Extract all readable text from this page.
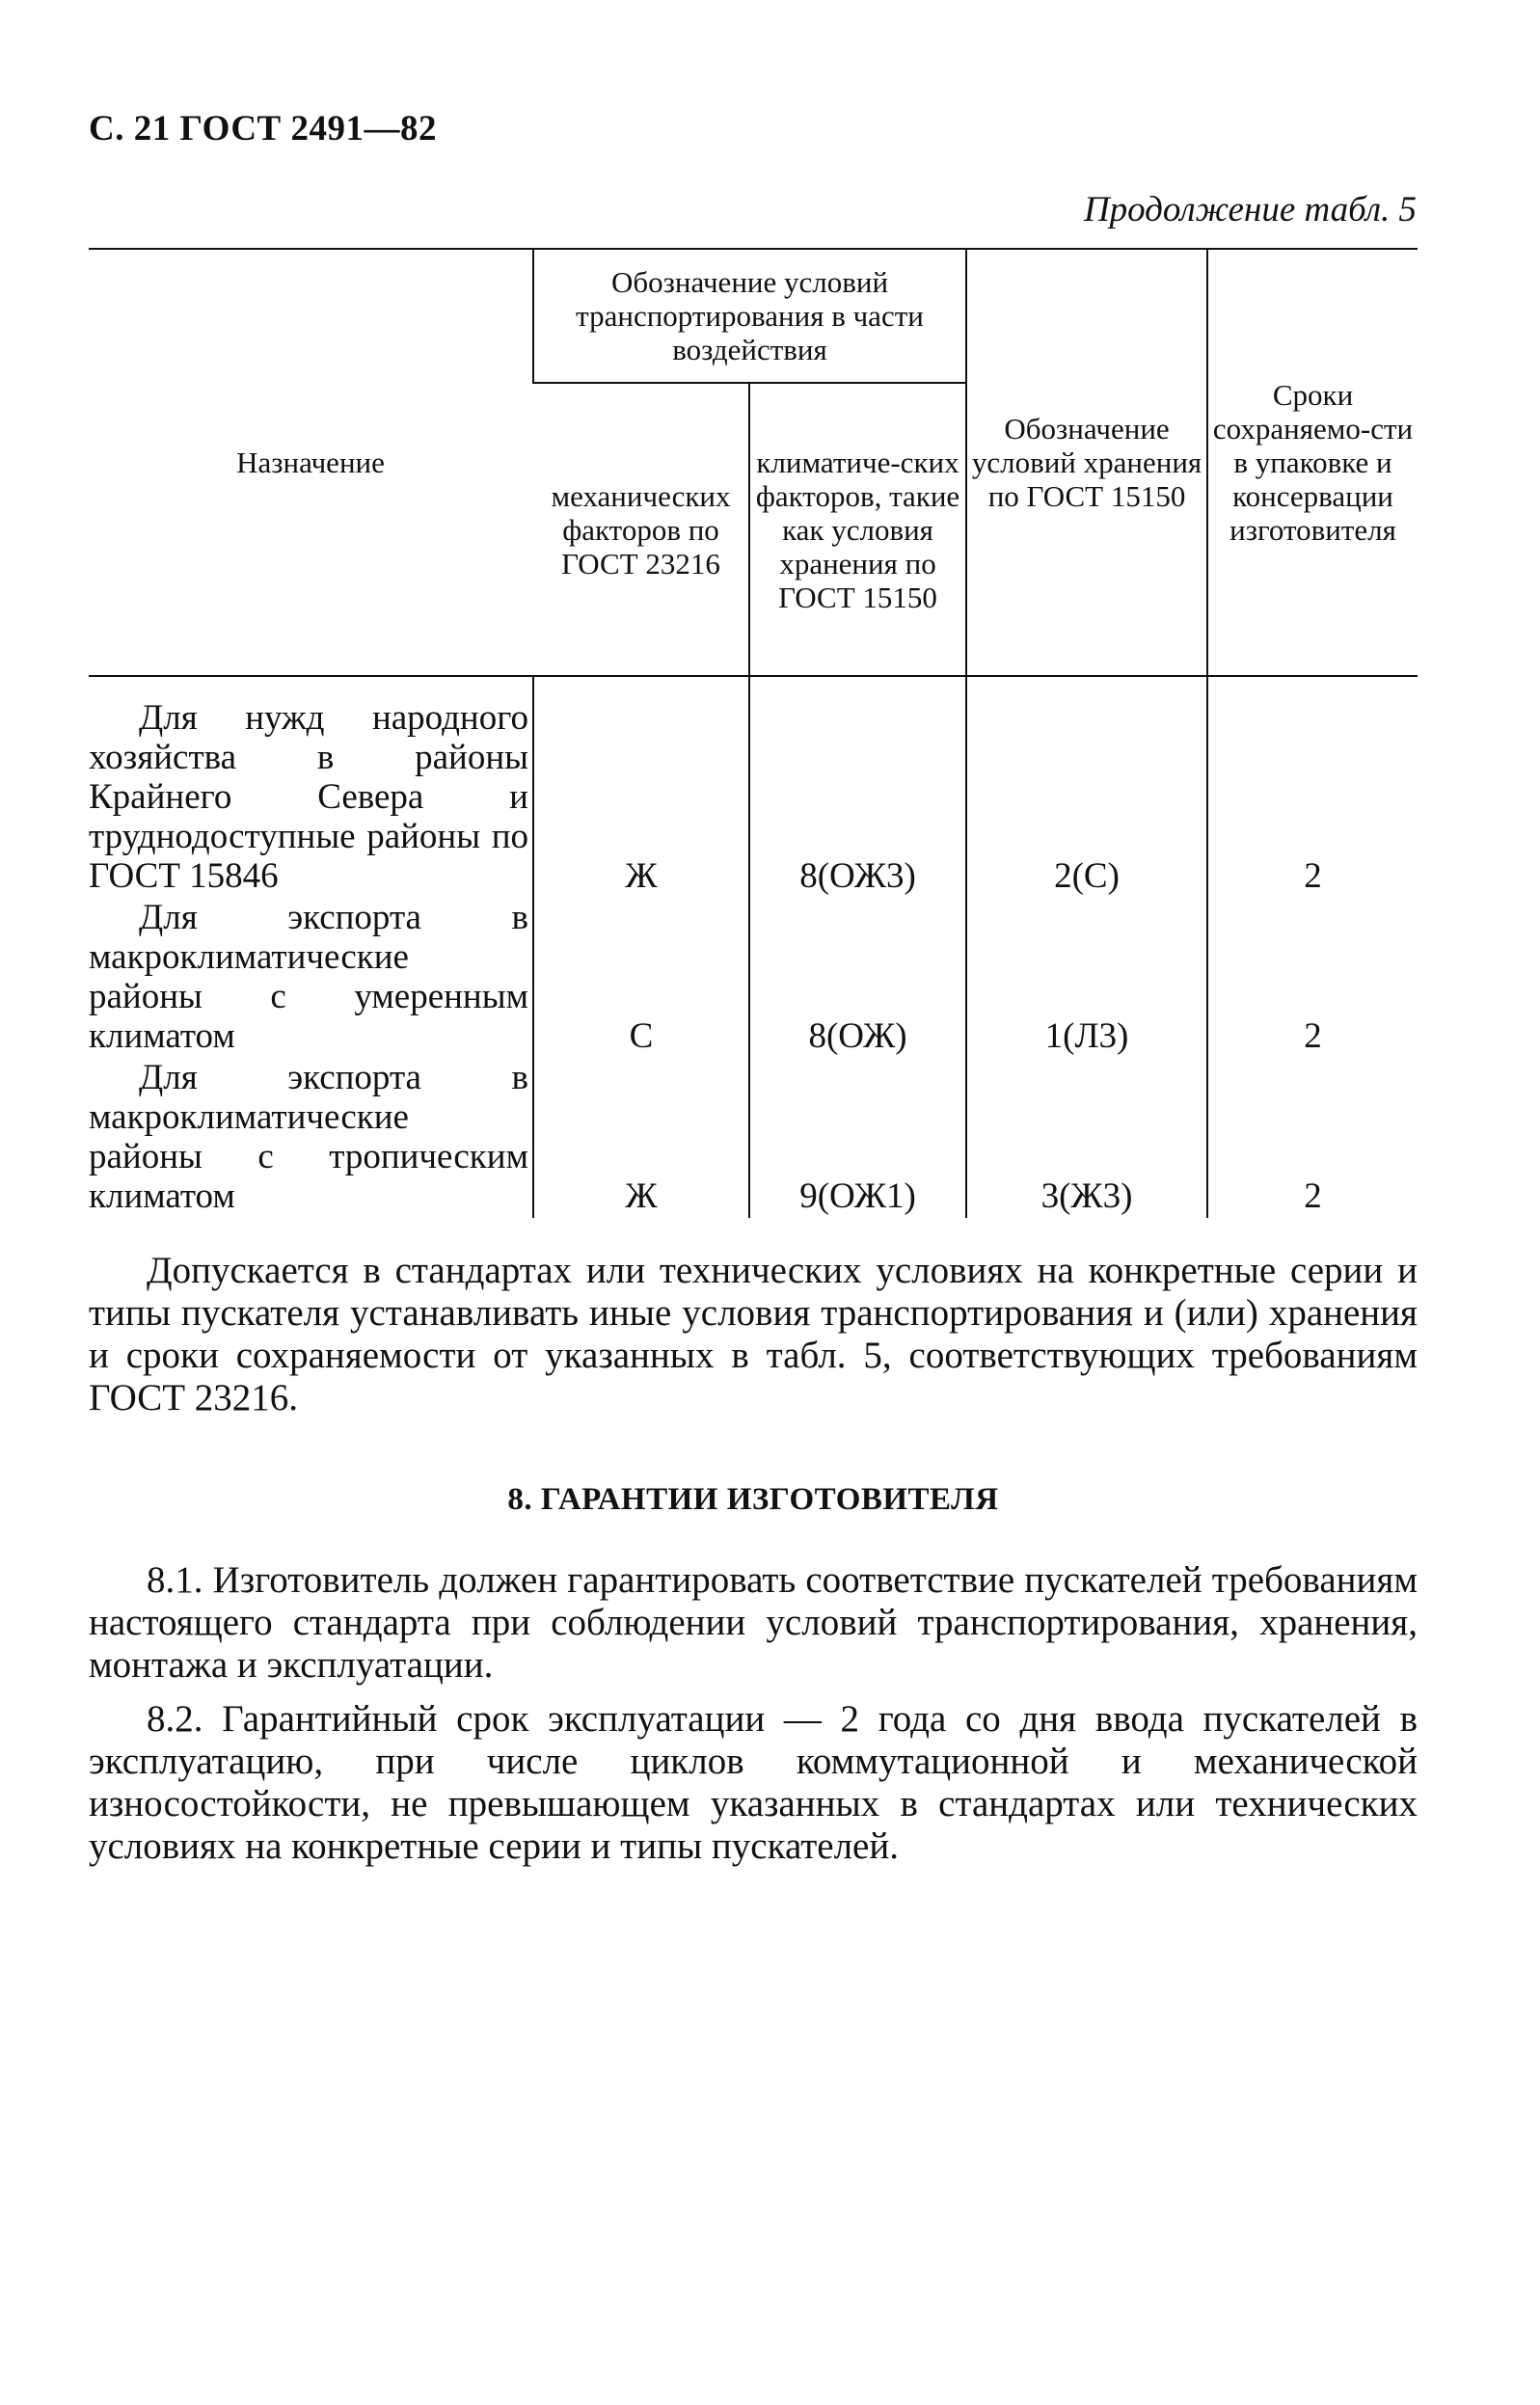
С. 21 ГОСТ 2491—82
Продолжение табл. 5
Назначение	Обозначение условий транспортирования в части воздействия		Обозначение условий хранения по ГОСТ 15150	Сроки сохраняемо-сти в упаковке и консервации изготовителя
	механических факторов по ГОСТ 23216	климатиче-ских факторов, такие как условия хранения по ГОСТ 15150		
Для нужд народного хозяйства в районы Крайнего Севера и труднодоступные районы по ГОСТ 15846	Ж	8(ОЖ3)	2(С)	2
Для экспорта в макроклиматические районы с умеренным климатом	С	8(ОЖ)	1(Л3)	2
Для экспорта в макроклиматические районы с тропическим климатом	Ж	9(ОЖ1)	3(Ж3)	2

Допускается в стандартах или технических условиях на конкретные серии и типы пускателя устанавливать иные условия транспортирования и (или) хранения и сроки сохраняемости от указанных в табл. 5, соответствующих требованиям ГОСТ 23216.

8. ГАРАНТИИ ИЗГОТОВИТЕЛЯ

8.1. Изготовитель должен гарантировать соответствие пускателей требованиям настоящего стандарта при соблюдении условий транспортирования, хранения, монтажа и эксплуатации.

8.2. Гарантийный срок эксплуатации — 2 года со дня ввода пускателей в эксплуатацию, при числе циклов коммутационной и механической износостойкости, не превышающем указанных в стандартах или технических условиях на конкретные серии и типы пускателей.
